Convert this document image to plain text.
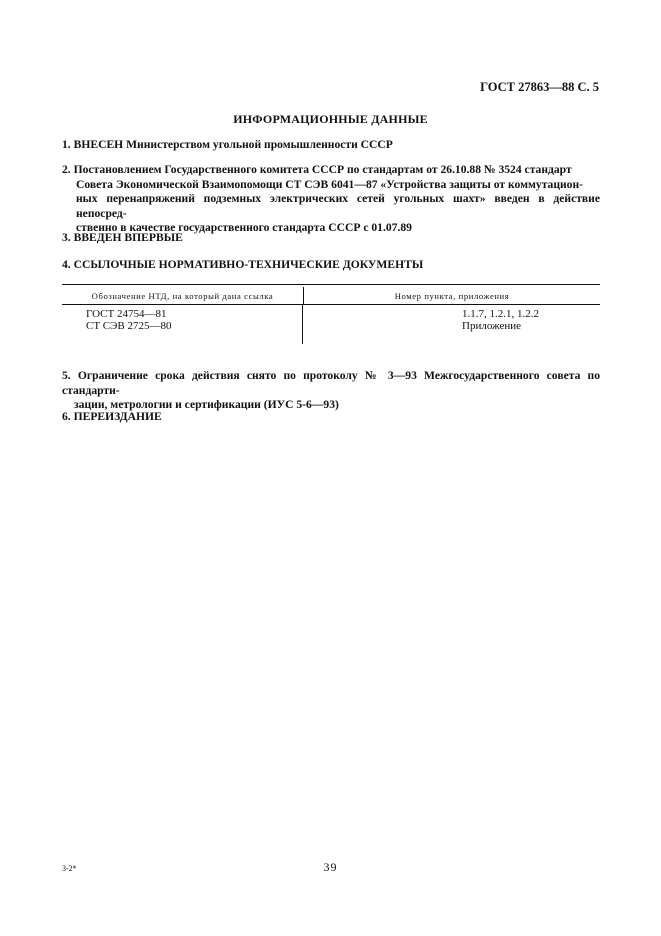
ГОСТ 27863—88 С. 5
ИНФОРМАЦИОННЫЕ ДАННЫЕ

1. ВНЕСЕН Министерством угольной промышленности СССР

2. Постановлением Государственного комитета СССР по стандартам от 26.10.88 № 3524 стандарт

Совета Экономической Взаимопомощи СТ СЭВ 6041—87 «Устройства защиты от коммутацион-

ных перенапряжений подземных электрических сетей угольных шахт» введен в действие непосред-

ственно в качестве государственного стандарта СССР с 01.07.89

3. ВВЕДЕН ВПЕРВЫЕ

4. ССЫЛОЧНЫЕ НОРМАТИВНО-ТЕХНИЧЕСКИЕ ДОКУМЕНТЫ

Обозначение НТД, на который дана ссылка	Номер пункта, приложения
ГОСТ 24754—81
СТ СЭВ 2725—80
1.1.7, 1.2.1, 1.2.2
Приложение

5. Ограничение срока действия снято по протоколу № 3—93 Межгосударственного совета по стандарти-

зации, метрологии и сертификации (ИУС 5-6—93)

6. ПЕРЕИЗДАНИЕ

3-2*	39
